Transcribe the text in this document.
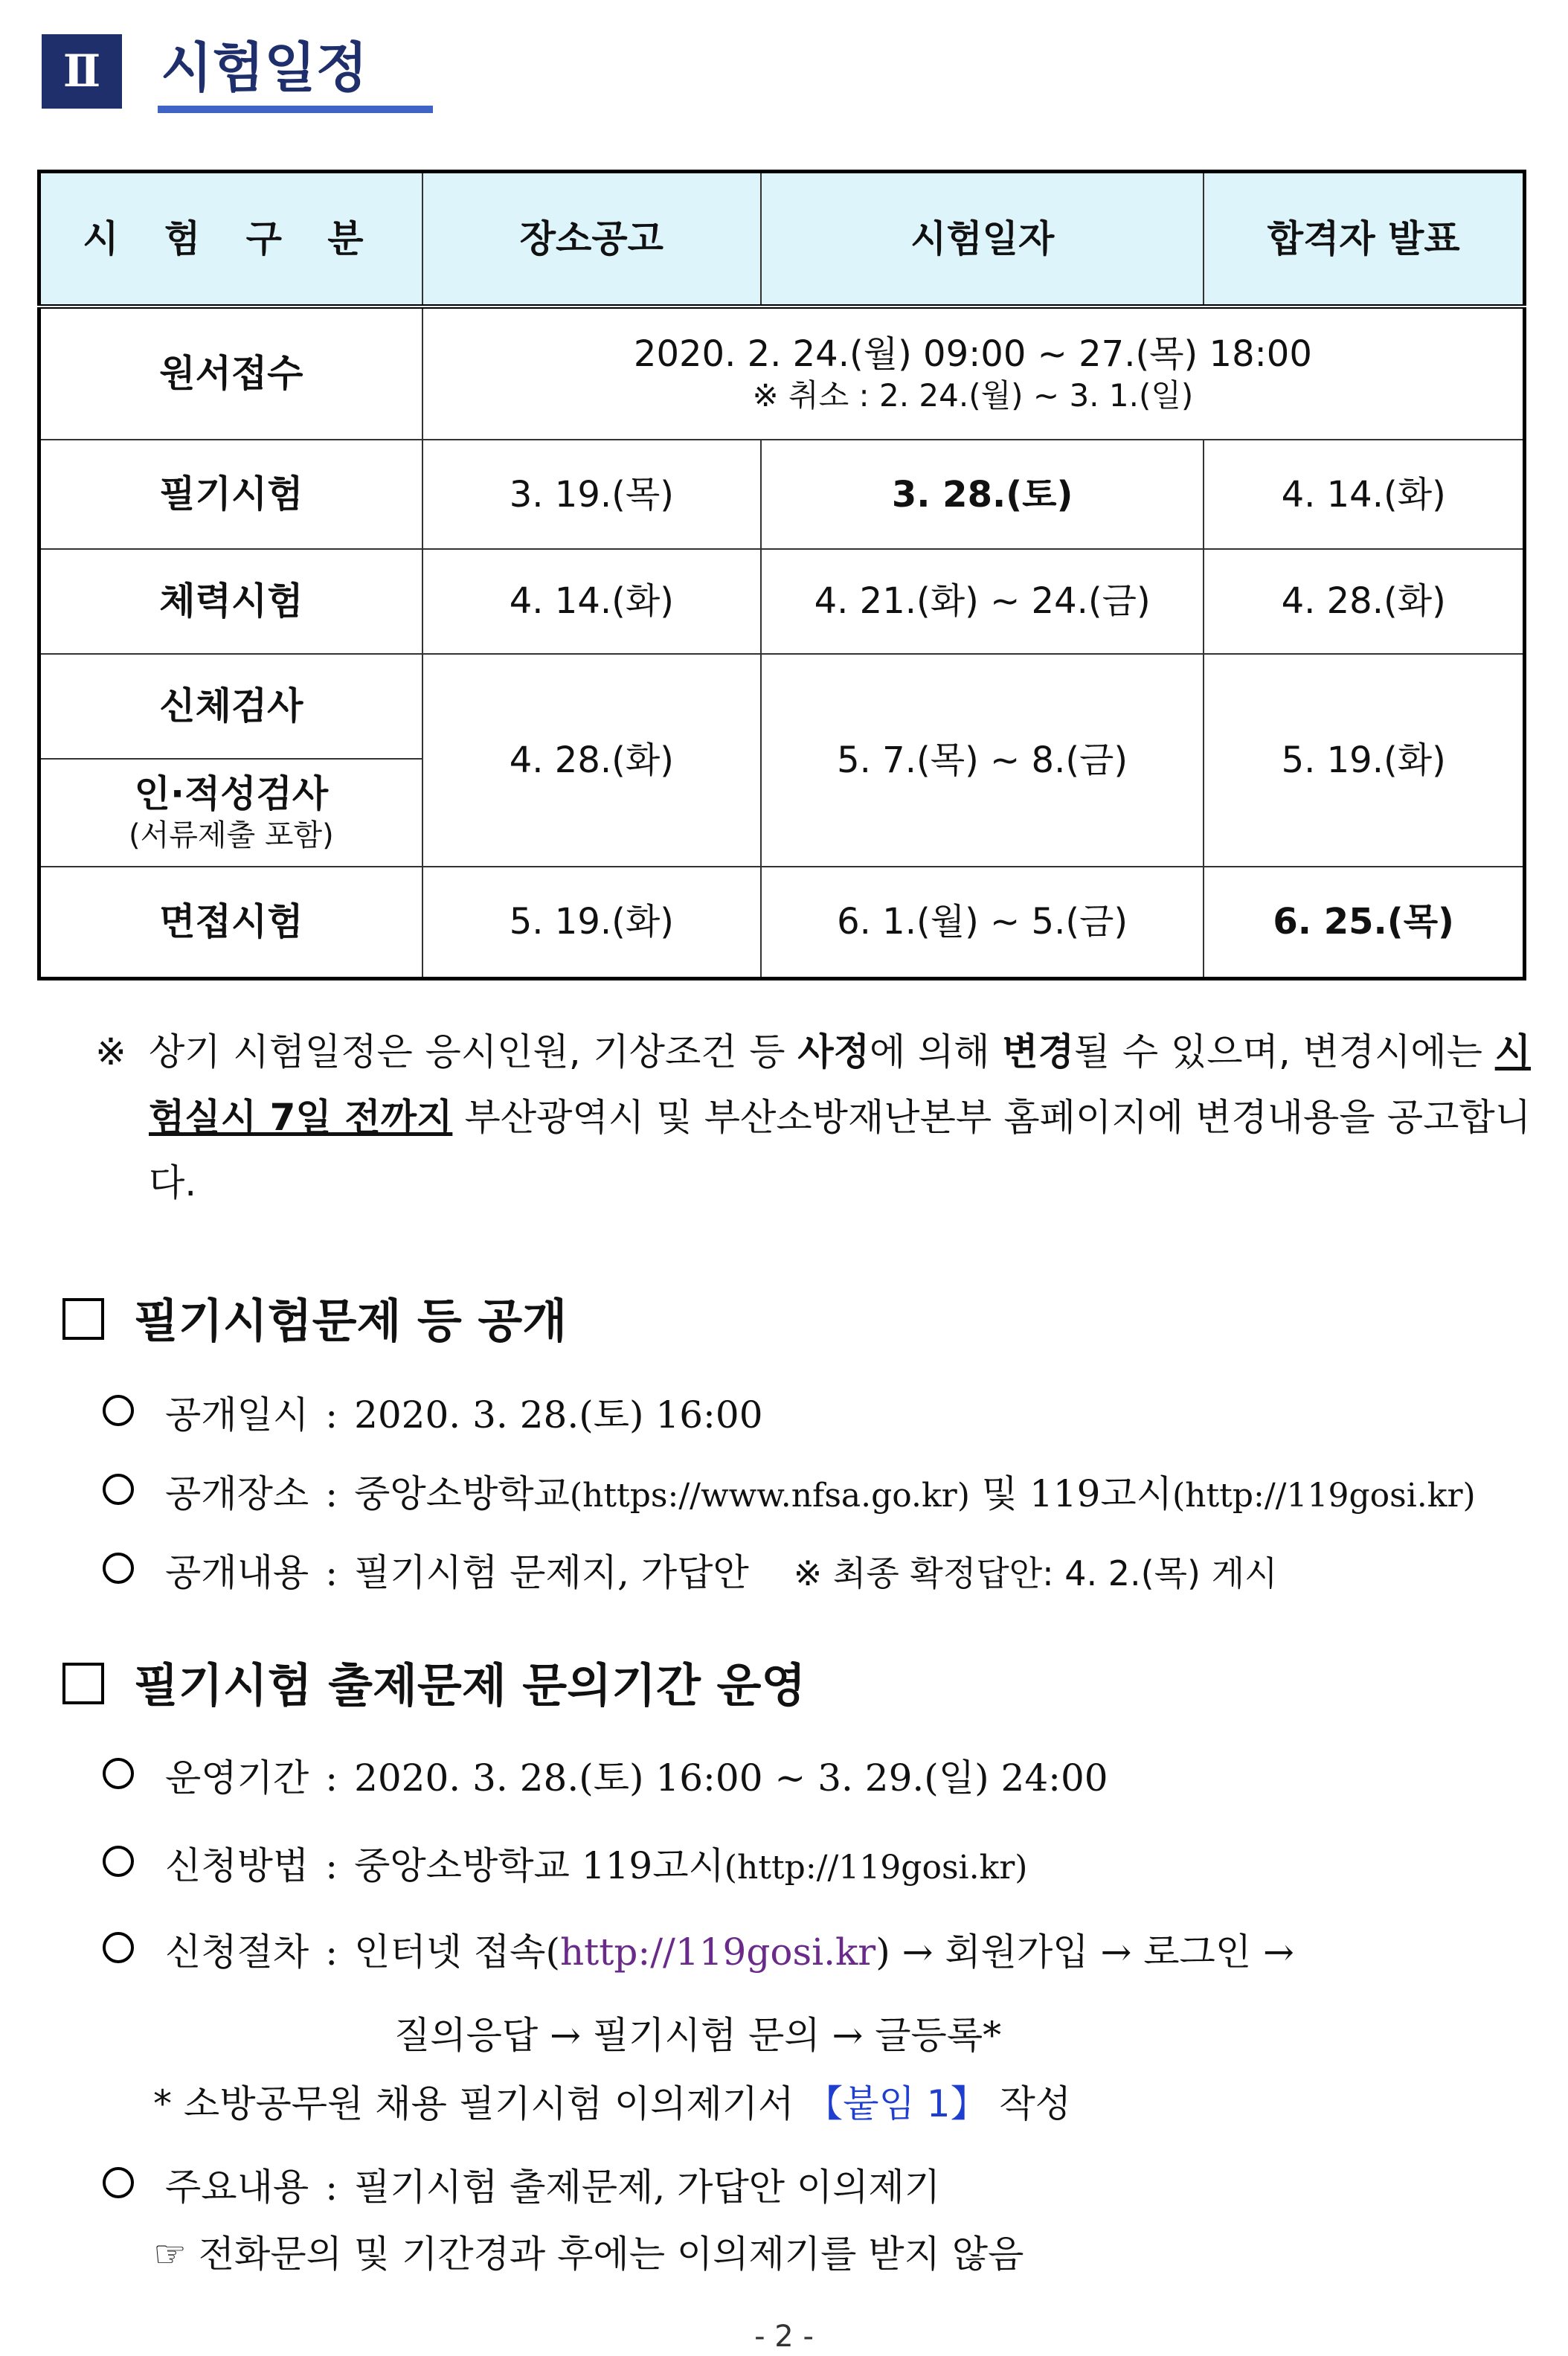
Ⅱ	시험일정
시 험 구 분	장소공고	시험일자	합격자 발표
원서접수	2020. 2. 24.(월) 09:00 ~ 27.(목) 18:00
※ 취소 : 2. 24.(월) ~ 3. 1.(일)		

필기시험	3. 19.(목)	3. 28.(토)	4. 14.(화)
체력시험	4. 14.(화)	4. 21.(화) ~ 24.(금)	4. 28.(화)
신체검사	4. 28.(화)	5. 7.(목) ~ 8.(금)	5. 19.(화)
인·적성검사
(서류제출 포함)			

면접시험	5. 19.(화)	6. 1.(월) ~ 5.(금)	6. 25.(목)
※ 상기 시험일정은 응시인원, 기상조건 등 사정에 의해 변경될 수 있으며, 변경시에는 시험실시 7일 전까지 부산광역시 및 부산소방재난본부 홈페이지에 변경내용을 공고합니다.
필기시험문제 등 공개
공개일시 : 2020. 3. 28.(토) 16:00
공개장소 : 중앙소방학교(https://www.nfsa.go.kr) 및 119고시(http://119gosi.kr)
공개내용 : 필기시험 문제지, 가답안 ※ 최종 확정답안: 4. 2.(목) 게시
필기시험 출제문제 문의기간 운영
운영기간 : 2020. 3. 28.(토) 16:00 ~ 3. 29.(일) 24:00
신청방법 : 중앙소방학교 119고시(http://119gosi.kr)
신청절차 : 인터넷 접속(http://119gosi.kr) → 회원가입 → 로그인 →
질의응답 → 필기시험 문의 → 글등록*
* 소방공무원 채용 필기시험 이의제기서 【붙임 1】 작성
주요내용 : 필기시험 출제문제, 가답안 이의제기
☞ 전화문의 및 기간경과 후에는 이의제기를 받지 않음
- 2 -
